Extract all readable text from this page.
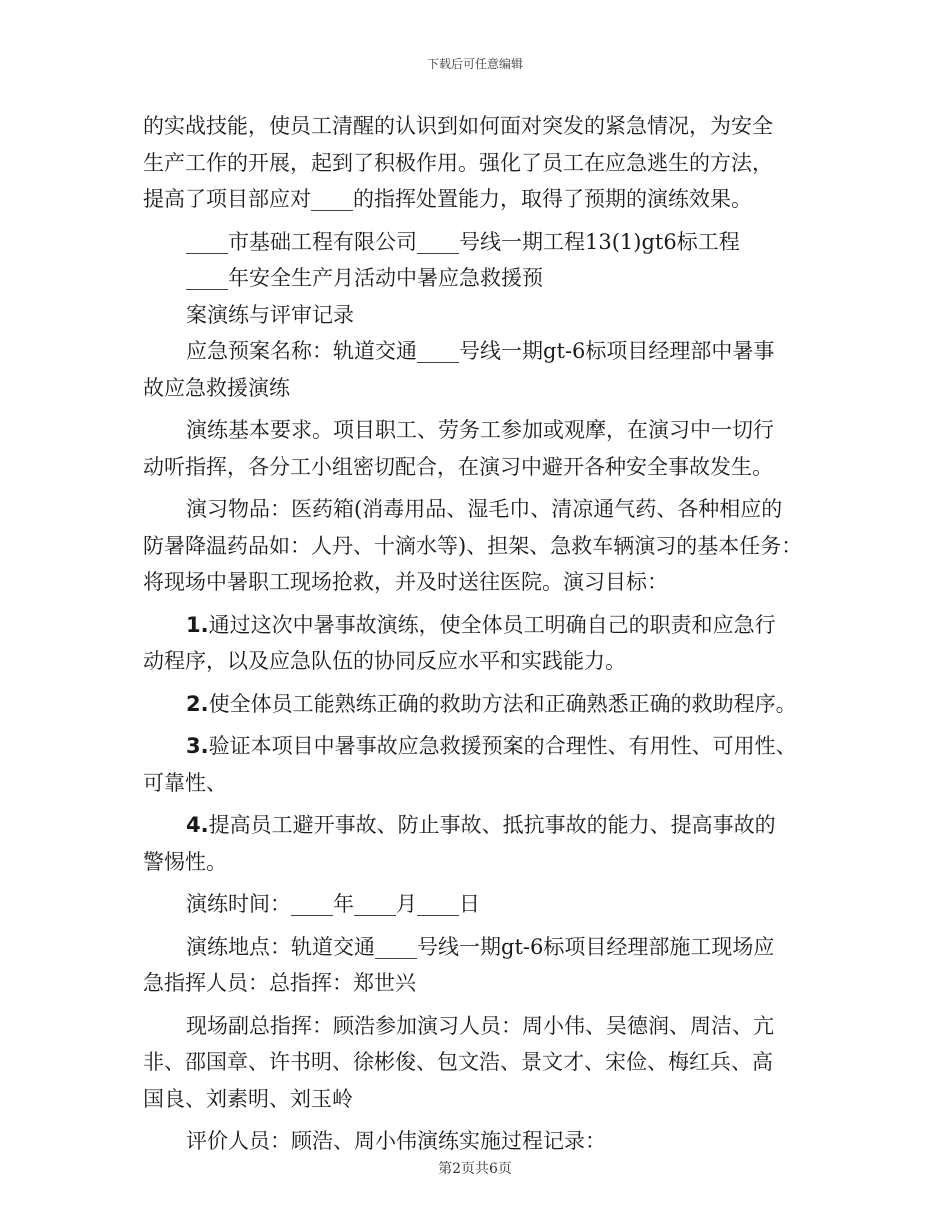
下载后可任意编辑
的实战技能，使员工清醒的认识到如何面对突发的紧急情况，为安全
生产工作的开展，起到了积极作用。强化了员工在应急逃生的方法，
提高了项目部应对____的指挥处置能力，取得了预期的演练效果。
____市基础工程有限公司____号线一期工程13(1)gt6标工程
____年安全生产月活动中暑应急救援预
案演练与评审记录
应急预案名称：轨道交通____号线一期gt-6标项目经理部中暑事
故应急救援演练
演练基本要求。项目职工、劳务工参加或观摩，在演习中一切行
动听指挥，各分工小组密切配合，在演习中避开各种安全事故发生。
演习物品：医药箱(消毒用品、湿毛巾、清凉通气药、各种相应的
防暑降温药品如：人丹、十滴水等)、担架、急救车辆演习的基本任务：
将现场中暑职工现场抢救，并及时送往医院。演习目标：
1.通过这次中暑事故演练，使全体员工明确自己的职责和应急行
动程序，以及应急队伍的协同反应水平和实践能力。
2.使全体员工能熟练正确的救助方法和正确熟悉正确的救助程序。
3.验证本项目中暑事故应急救援预案的合理性、有用性、可用性、
可靠性、
4.提高员工避开事故、防止事故、抵抗事故的能力、提高事故的
警惕性。
演练时间：____年____月____日
演练地点：轨道交通____号线一期gt-6标项目经理部施工现场应
急指挥人员：总指挥：郑世兴
现场副总指挥：顾浩参加演习人员：周小伟、吴德润、周洁、亢
非、邵国章、许书明、徐彬俊、包文浩、景文才、宋俭、梅红兵、高
国良、刘素明、刘玉岭
评价人员：顾浩、周小伟演练实施过程记录：
第2页共6页
